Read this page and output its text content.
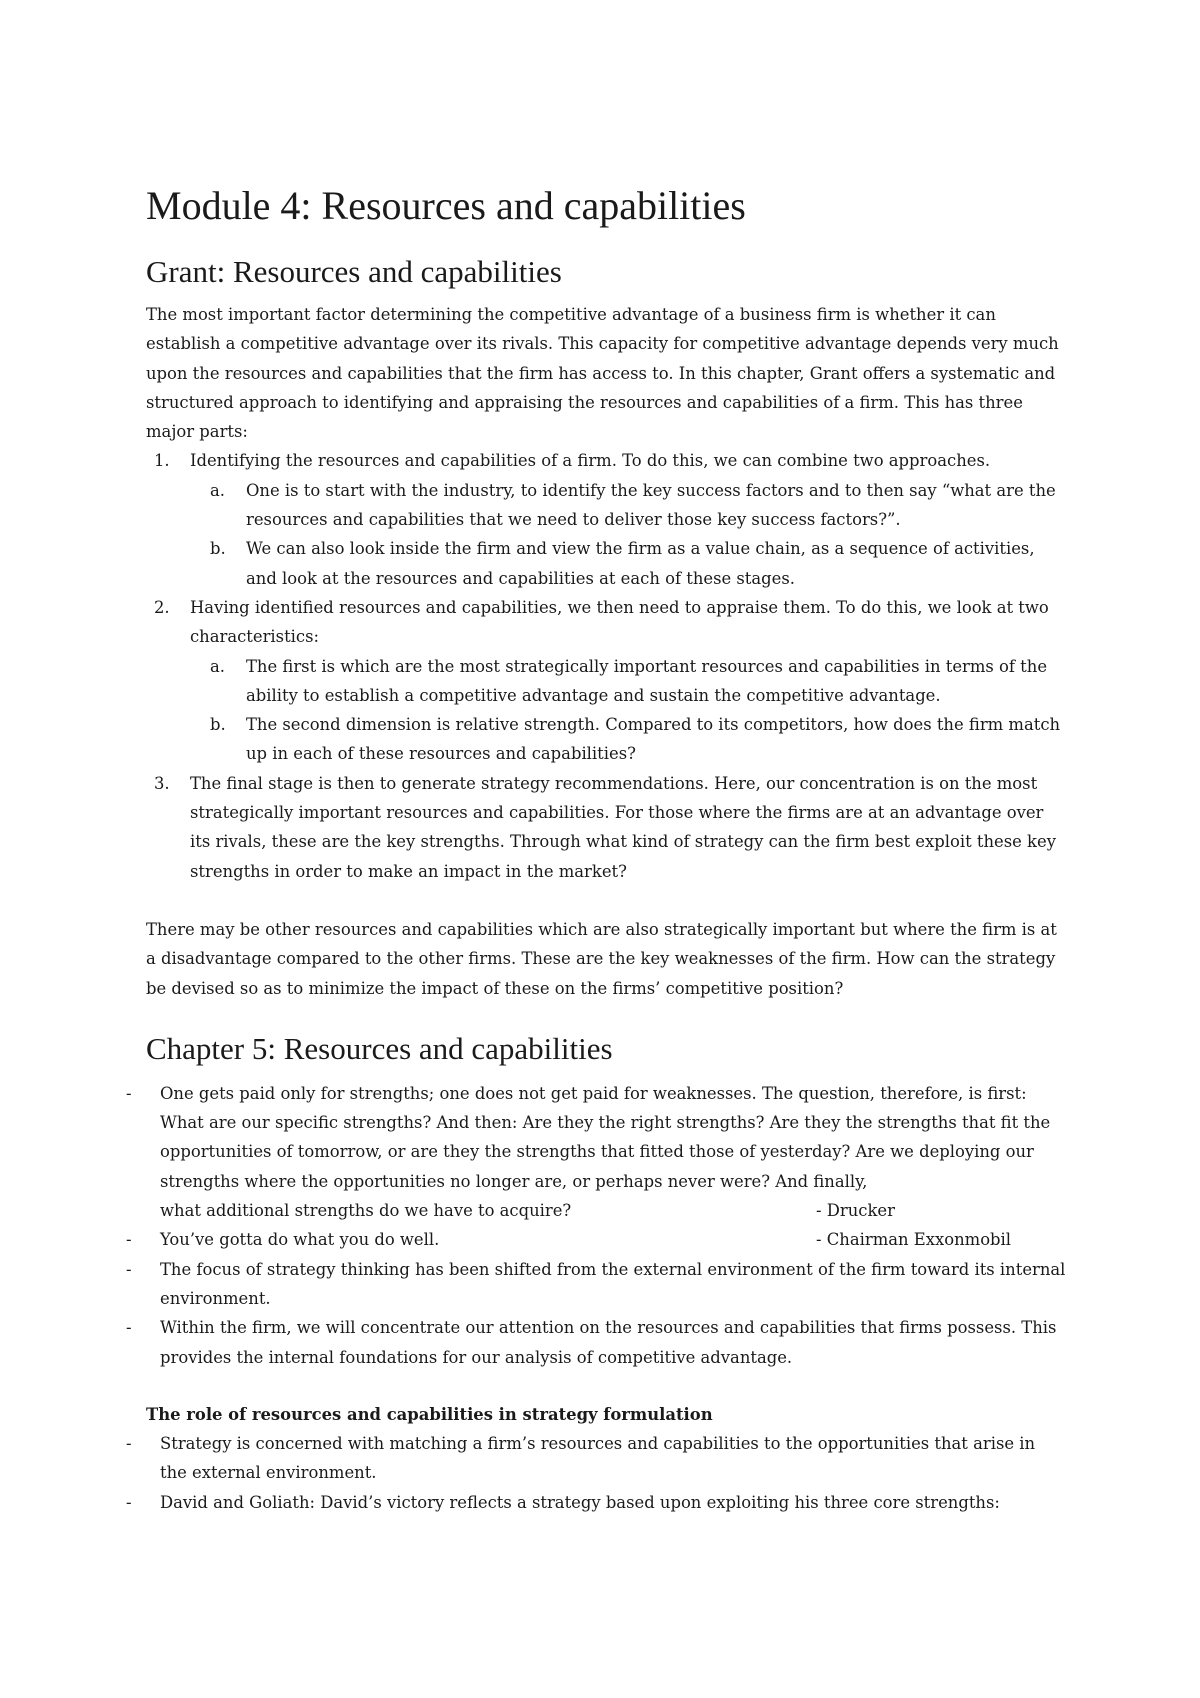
Module 4: Resources and capabilities
Grant: Resources and capabilities

The most important factor determining the competitive advantage of a business firm is whether it can establish a competitive advantage over its rivals. This capacity for competitive advantage depends very much upon the resources and capabilities that the firm has access to. In this chapter, Grant offers a systematic and structured approach to identifying and appraising the resources and capabilities of a firm. This has three major parts:

1. Identifying the resources and capabilities of a firm. To do this, we can combine two approaches.
a. One is to start with the industry, to identify the key success factors and to then say “what are the resources and capabilities that we need to deliver those key success factors?”.
b. We can also look inside the firm and view the firm as a value chain, as a sequence of activities, and look at the resources and capabilities at each of these stages.
2. Having identified resources and capabilities, we then need to appraise them. To do this, we look at two characteristics:
a. The first is which are the most strategically important resources and capabilities in terms of the ability to establish a competitive advantage and sustain the competitive advantage.
b. The second dimension is relative strength. Compared to its competitors, how does the firm match up in each of these resources and capabilities?
3. The final stage is then to generate strategy recommendations. Here, our concentration is on the most strategically important resources and capabilities. For those where the firms are at an advantage over its rivals, these are the key strengths. Through what kind of strategy can the firm best exploit these key strengths in order to make an impact in the market?

There may be other resources and capabilities which are also strategically important but where the firm is at a disadvantage compared to the other firms. These are the key weaknesses of the firm. How can the strategy be devised so as to minimize the impact of these on the firms’ competitive position?

Chapter 5: Resources and capabilities
- One gets paid only for strengths; one does not get paid for weaknesses. The question, therefore, is first: What are our specific strengths? And then: Are they the right strengths? Are they the strengths that fit the opportunities of tomorrow, or are they the strengths that fitted those of yesterday? Are we deploying our strengths where the opportunities no longer are, or perhaps never were? And finally,
what additional strengths do we have to acquire?	- Drucker
- You’ve gotta do what you do well.	- Chairman Exxonmobil
- The focus of strategy thinking has been shifted from the external environment of the firm toward its internal environment.
- Within the firm, we will concentrate our attention on the resources and capabilities that firms possess. This provides the internal foundations for our analysis of competitive advantage.

The role of resources and capabilities in strategy formulation

- Strategy is concerned with matching a firm’s resources and capabilities to the opportunities that arise in the external environment.
- David and Goliath: David’s victory reflects a strategy based upon exploiting his three core strengths:
